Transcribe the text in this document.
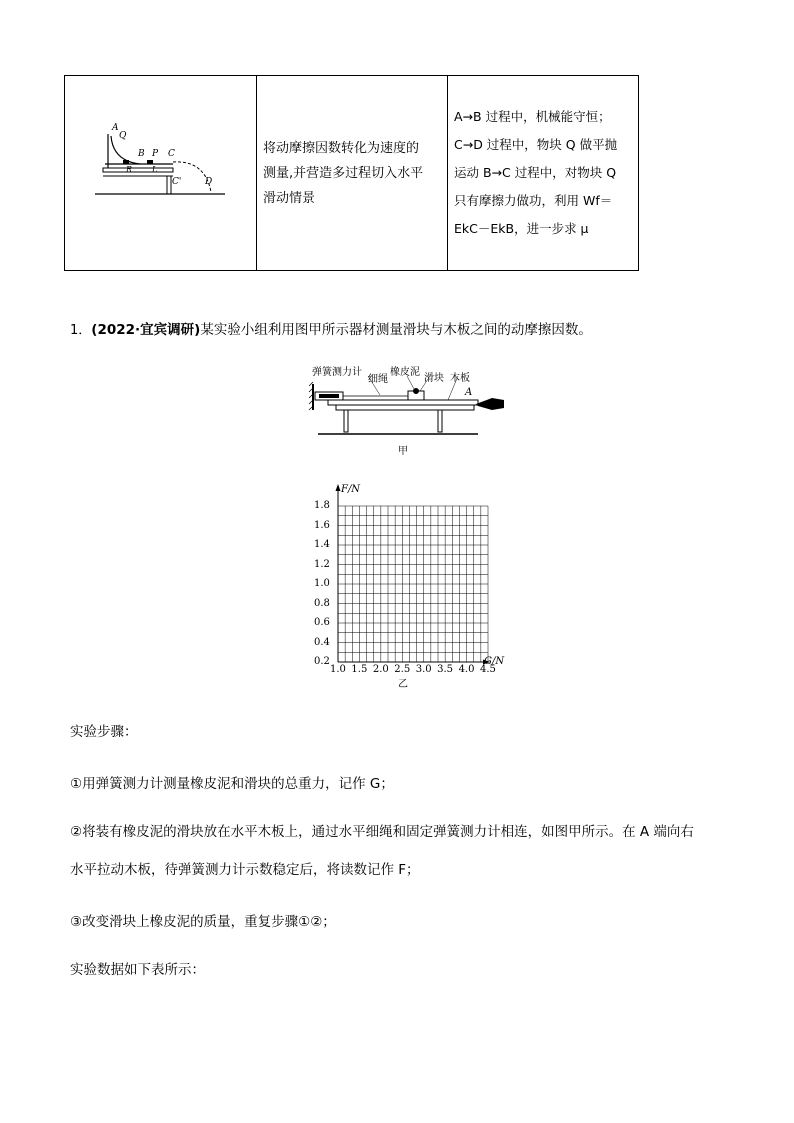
A
Q
B P C
C'	D
R L

将动摩擦因数转化为速度的
测量,并营造多过程切入水平
滑动情景

A→B 过程中，机械能守恒；
C→D 过程中，物块 Q 做平抛
运动 B→C 过程中，对物块 Q
只有摩擦力做功，利用 Wf＝
EkC－EkB，进一步求 μ
1．(2022·宜宾调研)某实验小组利用图甲所示器材测量滑块与木板之间的动摩擦因数。
弹簧测力计
细绳
橡皮泥
滑块 木板
A
甲
F/N
G/N
0.2
0.4
0.6
0.8
1.0
1.2
1.4
1.6
1.8
1.0 1.5 2.0 2.5 3.0 3.5 4.0 4.5
乙
实验步骤：
①用弹簧测力计测量橡皮泥和滑块的总重力，记作 G；
②将装有橡皮泥的滑块放在水平木板上，通过水平细绳和固定弹簧测力计相连，如图甲所示。在 A 端向右
水平拉动木板，待弹簧测力计示数稳定后，将读数记作 F；
③改变滑块上橡皮泥的质量，重复步骤①②；
实验数据如下表所示：
